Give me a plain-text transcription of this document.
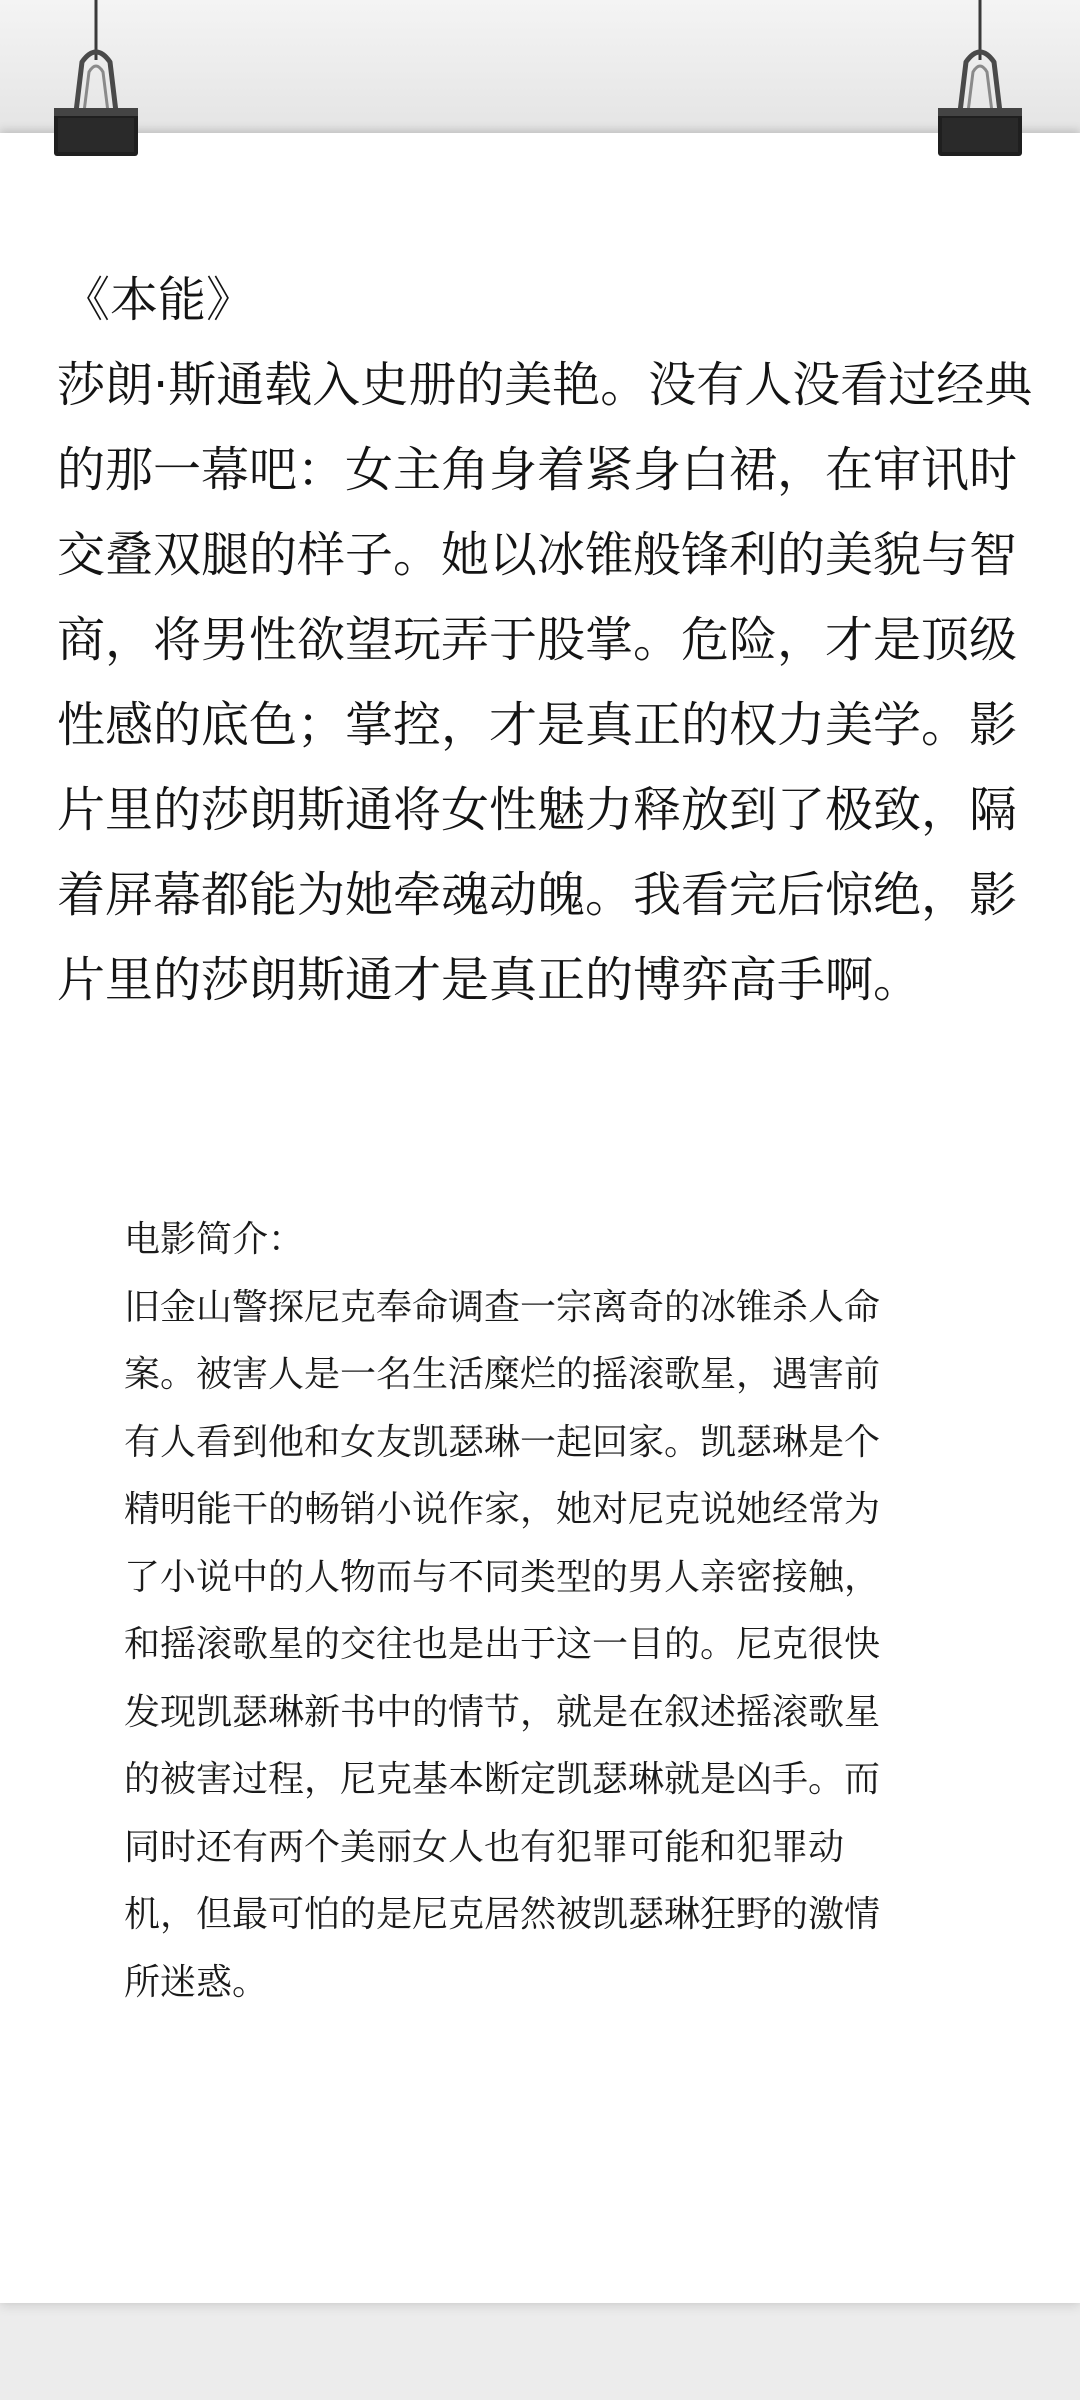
《本能》

莎朗·斯通载入史册的美艳。没有人没看过经典的那一幕吧：女主角身着紧身白裙，在审讯时交叠双腿的样子。她以冰锥般锋利的美貌与智商，将男性欲望玩弄于股掌。危险，才是顶级性感的底色；掌控，才是真正的权力美学。影片里的莎朗斯通将女性魅力释放到了极致，隔着屏幕都能为她牵魂动魄。我看完后惊绝，影片里的莎朗斯通才是真正的博弈高手啊。

电影简介：

旧金山警探尼克奉命调查一宗离奇的冰锥杀人命案。被害人是一名生活糜烂的摇滚歌星，遇害前有人看到他和女友凯瑟琳一起回家。凯瑟琳是个精明能干的畅销小说作家，她对尼克说她经常为了小说中的人物而与不同类型的男人亲密接触，和摇滚歌星的交往也是出于这一目的。尼克很快发现凯瑟琳新书中的情节，就是在叙述摇滚歌星的被害过程，尼克基本断定凯瑟琳就是凶手。而同时还有两个美丽女人也有犯罪可能和犯罪动机，但最可怕的是尼克居然被凯瑟琳狂野的激情所迷惑。
